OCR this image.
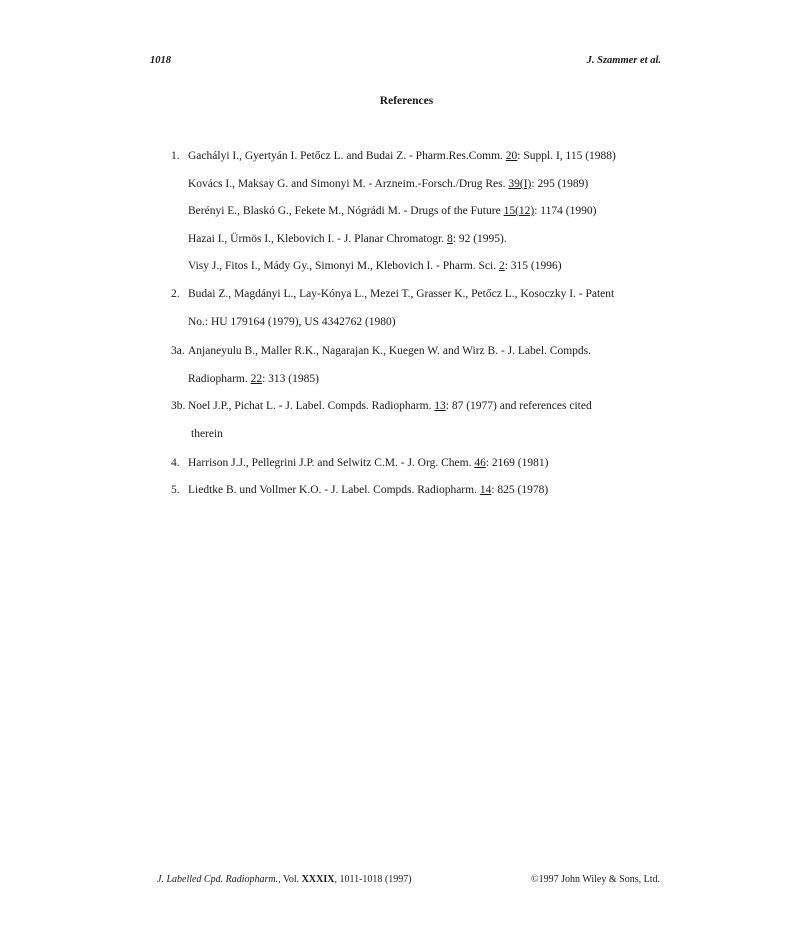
1018	J. Szammer et al.
References
1. Gachályi I., Gyertyán I. Petőcz L. and Budai Z. - Pharm.Res.Comm. 20: Suppl. I, 115 (1988)
Kovács I., Maksay G. and Simonyi M. - Arzneim.-Forsch./Drug Res. 39(I): 295 (1989)
Berényi E., Blaskó G., Fekete M., Nógrádi M. - Drugs of the Future 15(12): 1174 (1990)
Hazai I., Ürmös I., Klebovich I. - J. Planar Chromatogr. 8: 92 (1995).
Visy J., Fitos I., Mády Gy., Simonyi M., Klebovich I. - Pharm. Sci. 2: 315 (1996)
2. Budai Z., Magdányi L., Lay-Kónya L., Mezei T., Grasser K., Petőcz L., Kosoczky I. - Patent
No.: HU 179164 (1979), US 4342762 (1980)
3a. Anjaneyulu B., Maller R.K., Nagarajan K., Kuegen W. and Wirz B. - J. Label. Compds.
Radiopharm. 22: 313 (1985)
3b. Noel J.P., Pichat L. - J. Label. Compds. Radiopharm. 13: 87 (1977) and references cited
therein
4. Harrison J.J., Pellegrini J.P. and Selwitz C.M. - J. Org. Chem. 46: 2169 (1981)
5. Liedtke B. und Vollmer K.O. - J. Label. Compds. Radiopharm. 14: 825 (1978)
J. Labelled Cpd. Radiopharm., Vol. XXXIX, 1011-1018 (1997)	©1997 John Wiley & Sons, Ltd.
